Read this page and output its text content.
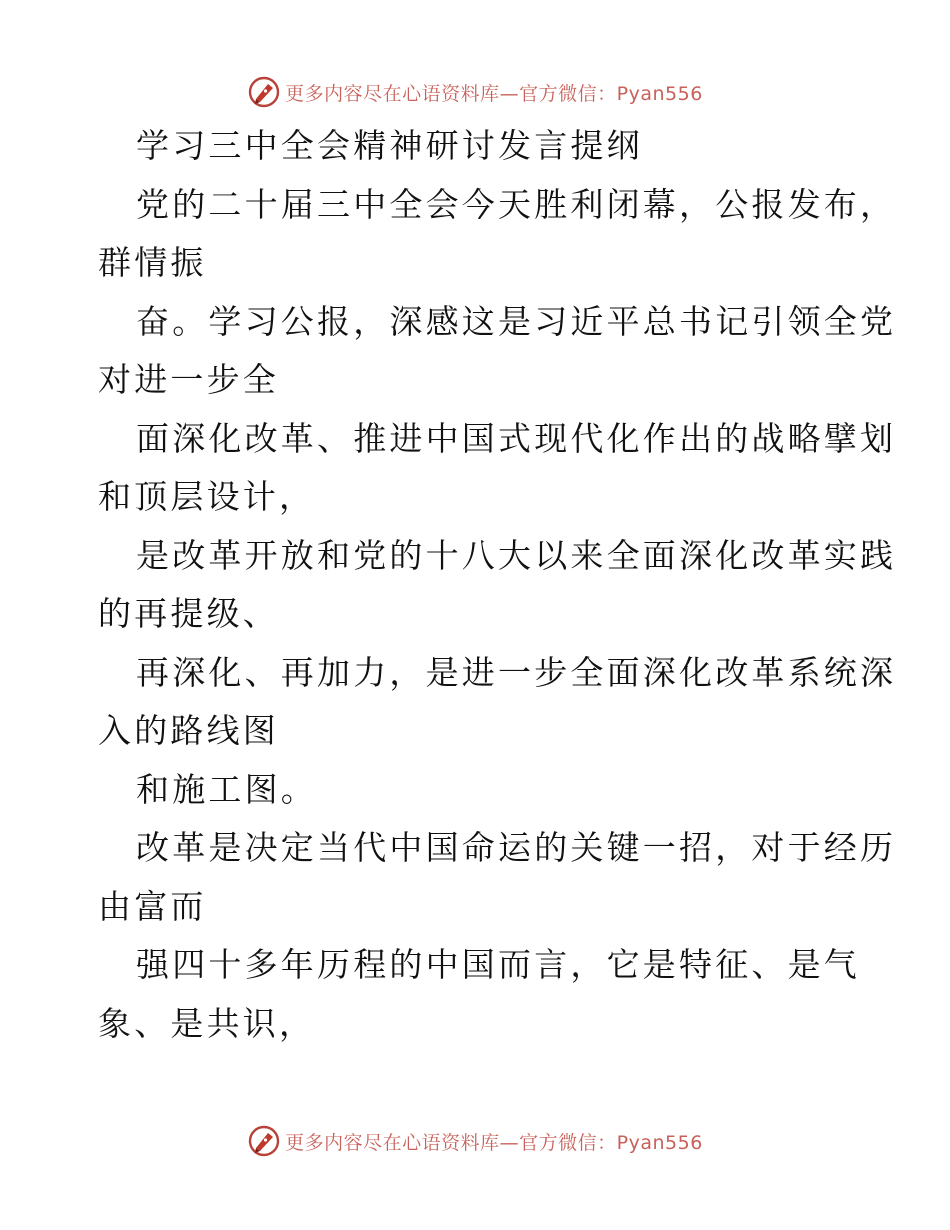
更多内容尽在心语资料库—官方微信：Pyan556
学习三中全会精神研讨发言提纲
党的二十届三中全会今天胜利闭幕，公报发布，
群情振
奋。学习公报，深感这是习近平总书记引领全党
对进一步全
面深化改革、推进中国式现代化作出的战略擘划
和顶层设计，
是改革开放和党的十八大以来全面深化改革实践
的再提级、
再深化、再加力，是进一步全面深化改革系统深
入的路线图
和施工图。
改革是决定当代中国命运的关键一招，对于经历
由富而
强四十多年历程的中国而言，它是特征、是气
象、是共识，
更多内容尽在心语资料库—官方微信：Pyan556
